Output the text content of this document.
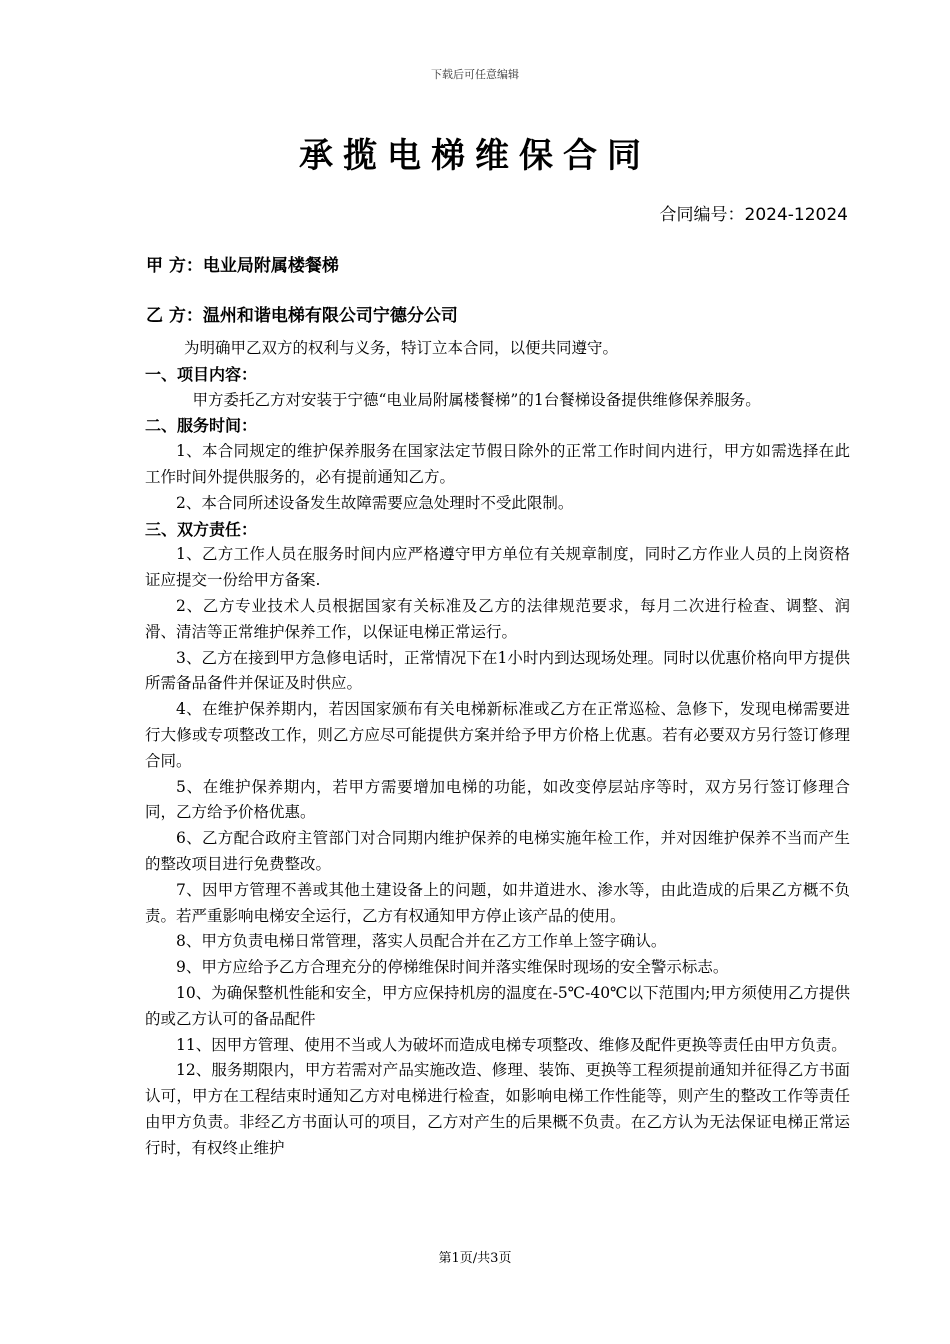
下载后可任意编辑
承揽电梯维保合同
合同编号：2024-12024
甲 方：电业局附属楼餐梯
乙 方：温州和谐电梯有限公司宁德分公司

为明确甲乙双方的权利与义务，特订立本合同，以便共同遵守。

一、项目内容：

甲方委托乙方对安装于宁德“电业局附属楼餐梯”的1台餐梯设备提供维修保养服务。

二、服务时间：

1、本合同规定的维护保养服务在国家法定节假日除外的正常工作时间内进行，甲方如需选择在此工作时间外提供服务的，必有提前通知乙方。

2、本合同所述设备发生故障需要应急处理时不受此限制。

三、双方责任：

1、乙方工作人员在服务时间内应严格遵守甲方单位有关规章制度，同时乙方作业人员的上岗资格证应提交一份给甲方备案.

2、乙方专业技术人员根据国家有关标准及乙方的法律规范要求，每月二次进行检查、调整、润滑、清洁等正常维护保养工作，以保证电梯正常运行。

3、乙方在接到甲方急修电话时，正常情况下在1小时内到达现场处理。同时以优惠价格向甲方提供所需备品备件并保证及时供应。

4、在维护保养期内，若因国家颁布有关电梯新标准或乙方在正常巡检、急修下，发现电梯需要进行大修或专项整改工作，则乙方应尽可能提供方案并给予甲方价格上优惠。若有必要双方另行签订修理合同。

5、在维护保养期内，若甲方需要增加电梯的功能，如改变停层站序等时，双方另行签订修理合同，乙方给予价格优惠。

6、乙方配合政府主管部门对合同期内维护保养的电梯实施年检工作，并对因维护保养不当而产生的整改项目进行免费整改。

7、因甲方管理不善或其他土建设备上的问题，如井道进水、渗水等，由此造成的后果乙方概不负责。若严重影响电梯安全运行，乙方有权通知甲方停止该产品的使用。

8、甲方负责电梯日常管理，落实人员配合并在乙方工作单上签字确认。

9、甲方应给予乙方合理充分的停梯维保时间并落实维保时现场的安全警示标志。

10、为确保整机性能和安全，甲方应保持机房的温度在-5℃-40℃以下范围内;甲方须使用乙方提供的或乙方认可的备品配件

11、因甲方管理、使用不当或人为破坏而造成电梯专项整改、维修及配件更换等责任由甲方负责。

12、服务期限内，甲方若需对产品实施改造、修理、装饰、更换等工程须提前通知并征得乙方书面认可，甲方在工程结束时通知乙方对电梯进行检查，如影响电梯工作性能等，则产生的整改工作等责任由甲方负责。非经乙方书面认可的项目，乙方对产生的后果概不负责。在乙方认为无法保证电梯正常运行时，有权终止维护

第1页/共3页
